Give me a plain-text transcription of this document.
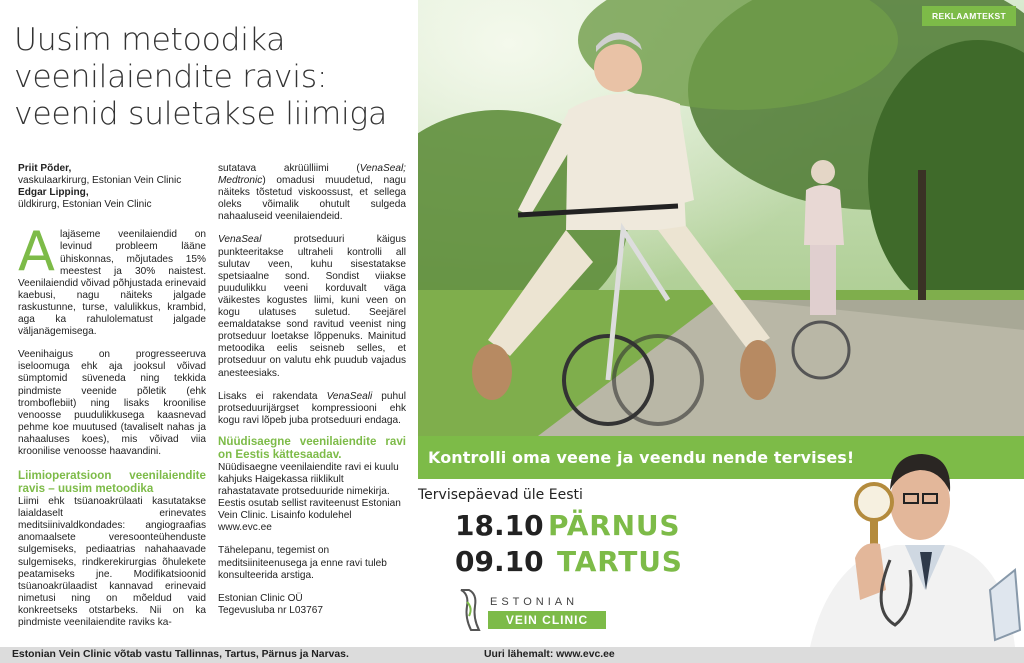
Uusim metoodika
veenilaiendite ravis:
veenid suletakse liimiga

Priit Põder,
vaskulaarkirurg, Estonian Vein Clinic
Edgar Lipping,
üldkirurg, Estonian Vein Clinic

Alajäseme veenilaiendid on levinud probleem lääne ühiskonnas, mõjutades 15% meestest ja 30% naistest. Veenilaiendid võivad põhjustada erinevaid kaebusi, nagu näiteks jalgade raskustunne, turse, valulikkus, krambid, aga ka rahulolematust jalgade väljanägemisega.

Veenihaigus on progresseeruva iseloomuga ehk aja jooksul võivad sümptomid süveneda ning tekkida pindmiste veenide põletik (ehk tromboflebiit) ning lisaks kroonilise venoosse puudulikkusega kaasnevad pehme koe muutused (tavaliselt nahas ja nahaaluses koes), mis võivad viia kroonilise venoosse haavandini.

Liimioperatsioon veenilaiendite ravis – uusim metoodika

Liimi ehk tsüanoakrülaati kasutatakse laialdaselt erinevates meditsiinivaldkondades: angiograafias anomaalsete veresoonteühenduste sulgemiseks, pediaatrias nahahaavade sulgemiseks, rindkerekirurgias õhulekete peatamiseks jne. Modifikatsioonid tsüanoakrülaadist kannavad erinevaid nimetusi ning on mõeldud vaid konkreetseks otstarbeks. Nii on ka pindmiste veenilaiendite raviks ka-

sutatava akrüülliimi (VenaSeal; Medtronic) omadusi muudetud, nagu näiteks tõstetud viskoossust, et sellega oleks võimalik ohutult sulgeda nahaaluseid veenilaiendeid.

VenaSeal protseduuri käigus punkteeritakse ultraheli kontrolli all sulutav veen, kuhu sisestatakse spetsiaalne sond. Sondist viiakse puudulikku veeni korduvalt väga väikestes kogustes liimi, kuni veen on kogu ulatuses suletud. Seejärel eemaldatakse sond ravitud veenist ning protseduur loetakse lõppenuks. Mainitud metoodika eelis seisneb selles, et protseduur on valutu ehk puudub vajadus anesteesiaks.

Lisaks ei rakendata VenaSeali puhul protseduurijärgset kompressiooni ehk kogu ravi lõpeb juba protseduuri endaga.

Nüüdisaegne veenilaiendite ravi on Eestis kättesaadav.

Nüüdisaegne veenilaiendite ravi ei kuulu kahjuks Haigekassa riiklikult rahastatavate protseduuride nimekirja. Eestis osutab sellist raviteenust Estonian Vein Clinic. Lisainfo kodulehel www.evc.ee

Tähelepanu, tegemist on meditsiiniteenusega ja enne ravi tuleb konsulteerida arstiga.

Estonian Clinic OÜ
Tegevusluba nr L03767

REKLAAMTEKST
Kontrolli oma veene ja veendu nende tervises!
Tervisepäevad üle Eesti
18.10 PÄRNUS
09.10 TARTUS
ESTONIAN
VEIN CLINIC
Estonian Vein Clinic võtab vastu Tallinnas, Tartus, Pärnus ja Narvas.	Uuri lähemalt: www.evc.ee
